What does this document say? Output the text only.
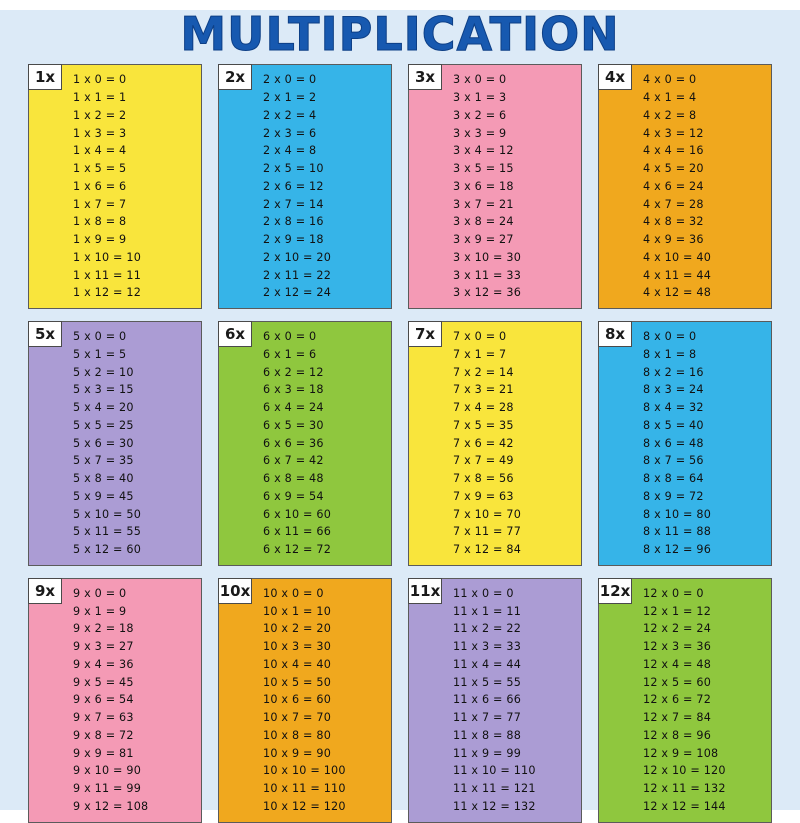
MULTIPLICATION
1x	1 x 0 = 0
1 x 1 = 1
1 x 2 = 2
1 x 3 = 3
1 x 4 = 4
1 x 5 = 5
1 x 6 = 6
1 x 7 = 7
1 x 8 = 8
1 x 9 = 9
1 x 10 = 10
1 x 11 = 11
1 x 12 = 12
2x	2 x 0 = 0
2 x 1 = 2
2 x 2 = 4
2 x 3 = 6
2 x 4 = 8
2 x 5 = 10
2 x 6 = 12
2 x 7 = 14
2 x 8 = 16
2 x 9 = 18
2 x 10 = 20
2 x 11 = 22
2 x 12 = 24
3x	3 x 0 = 0
3 x 1 = 3
3 x 2 = 6
3 x 3 = 9
3 x 4 = 12
3 x 5 = 15
3 x 6 = 18
3 x 7 = 21
3 x 8 = 24
3 x 9 = 27
3 x 10 = 30
3 x 11 = 33
3 x 12 = 36
4x	4 x 0 = 0
4 x 1 = 4
4 x 2 = 8
4 x 3 = 12
4 x 4 = 16
4 x 5 = 20
4 x 6 = 24
4 x 7 = 28
4 x 8 = 32
4 x 9 = 36
4 x 10 = 40
4 x 11 = 44
4 x 12 = 48
5x	5 x 0 = 0
5 x 1 = 5
5 x 2 = 10
5 x 3 = 15
5 x 4 = 20
5 x 5 = 25
5 x 6 = 30
5 x 7 = 35
5 x 8 = 40
5 x 9 = 45
5 x 10 = 50
5 x 11 = 55
5 x 12 = 60
6x	6 x 0 = 0
6 x 1 = 6
6 x 2 = 12
6 x 3 = 18
6 x 4 = 24
6 x 5 = 30
6 x 6 = 36
6 x 7 = 42
6 x 8 = 48
6 x 9 = 54
6 x 10 = 60
6 x 11 = 66
6 x 12 = 72
7x	7 x 0 = 0
7 x 1 = 7
7 x 2 = 14
7 x 3 = 21
7 x 4 = 28
7 x 5 = 35
7 x 6 = 42
7 x 7 = 49
7 x 8 = 56
7 x 9 = 63
7 x 10 = 70
7 x 11 = 77
7 x 12 = 84
8x	8 x 0 = 0
8 x 1 = 8
8 x 2 = 16
8 x 3 = 24
8 x 4 = 32
8 x 5 = 40
8 x 6 = 48
8 x 7 = 56
8 x 8 = 64
8 x 9 = 72
8 x 10 = 80
8 x 11 = 88
8 x 12 = 96
9x	9 x 0 = 0
9 x 1 = 9
9 x 2 = 18
9 x 3 = 27
9 x 4 = 36
9 x 5 = 45
9 x 6 = 54
9 x 7 = 63
9 x 8 = 72
9 x 9 = 81
9 x 10 = 90
9 x 11 = 99
9 x 12 = 108
10x 10 x 0 = 0
10 x 1 = 10
10 x 2 = 20
10 x 3 = 30
10 x 4 = 40
10 x 5 = 50
10 x 6 = 60
10 x 7 = 70
10 x 8 = 80
10 x 9 = 90
10 x 10 = 100
10 x 11 = 110
10 x 12 = 120
11x 11 x 0 = 0
11 x 1 = 11
11 x 2 = 22
11 x 3 = 33
11 x 4 = 44
11 x 5 = 55
11 x 6 = 66
11 x 7 = 77
11 x 8 = 88
11 x 9 = 99
11 x 10 = 110
11 x 11 = 121
11 x 12 = 132
12x 12 x 0 = 0
12 x 1 = 12
12 x 2 = 24
12 x 3 = 36
12 x 4 = 48
12 x 5 = 60
12 x 6 = 72
12 x 7 = 84
12 x 8 = 96
12 x 9 = 108
12 x 10 = 120
12 x 11 = 132
12 x 12 = 144
